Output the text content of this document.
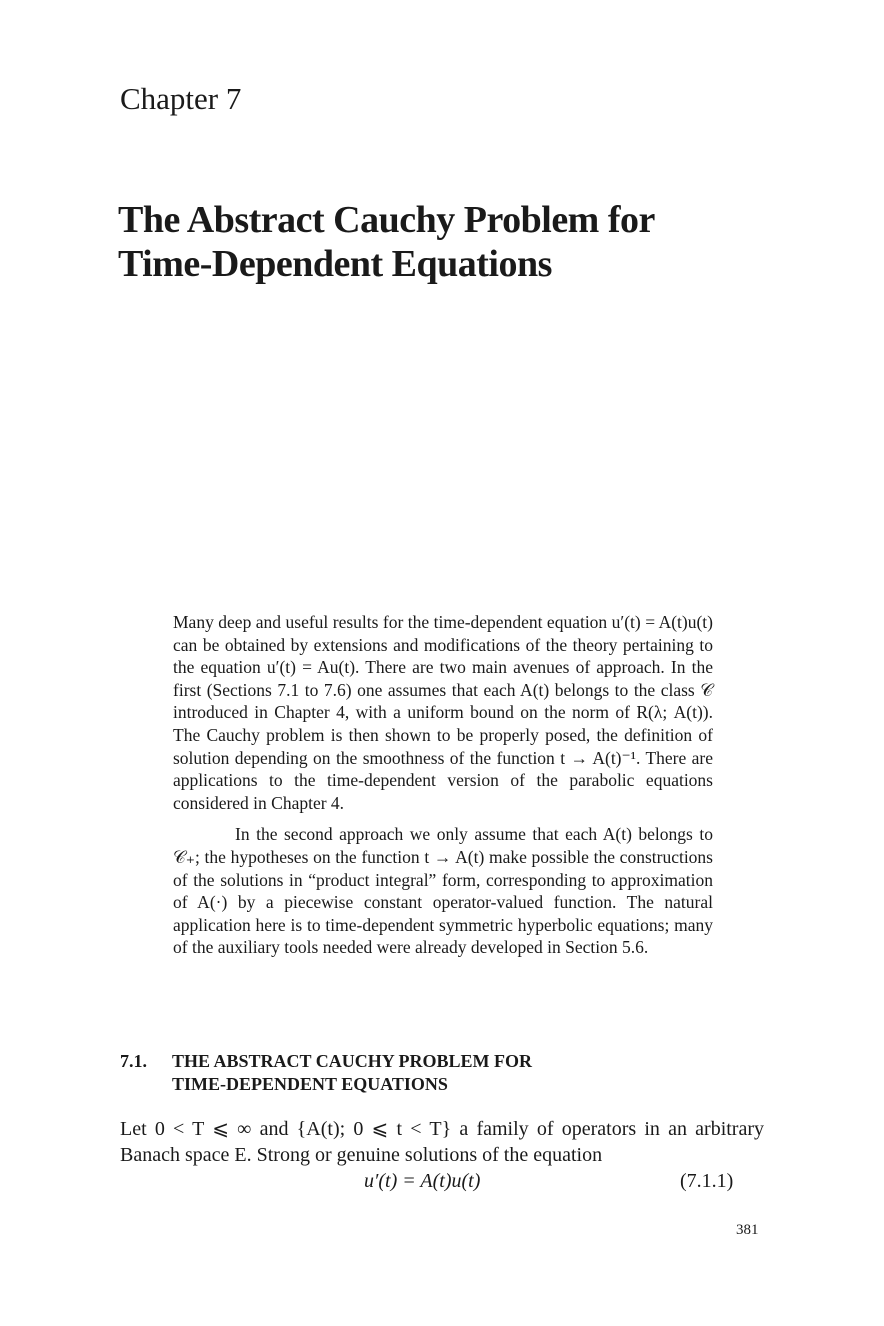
Chapter 7
The Abstract Cauchy Problem for
Time-Dependent Equations

Many deep and useful results for the time-dependent equation u′(t) = A(t)u(t) can be obtained by extensions and modifications of the theory pertaining to the equation u′(t) = Au(t). There are two main avenues of approach. In the first (Sections 7.1 to 7.6) one assumes that each A(t) belongs to the class 𝒞 introduced in Chapter 4, with a uniform bound on the norm of R(λ; A(t)). The Cauchy problem is then shown to be properly posed, the definition of solution depending on the smoothness of the function t → A(t)⁻¹. There are applications to the time-dependent version of the parabolic equations considered in Chapter 4.

In the second approach we only assume that each A(t) belongs to 𝒞₊; the hypotheses on the function t → A(t) make possible the constructions of the solutions in “product integral” form, corresponding to approximation of A(·) by a piecewise constant operator-valued function. The natural application here is to time-dependent symmetric hyperbolic equations; many of the auxiliary tools needed were already developed in Section 5.6.

7.1. THE ABSTRACT CAUCHY PROBLEM FOR
TIME-DEPENDENT EQUATIONS

Let 0 < T ⩽ ∞ and {A(t); 0 ⩽ t < T} a family of operators in an arbitrary Banach space E. Strong or genuine solutions of the equation

u′(t) = A(t)u(t)	(7.1.1)
381
